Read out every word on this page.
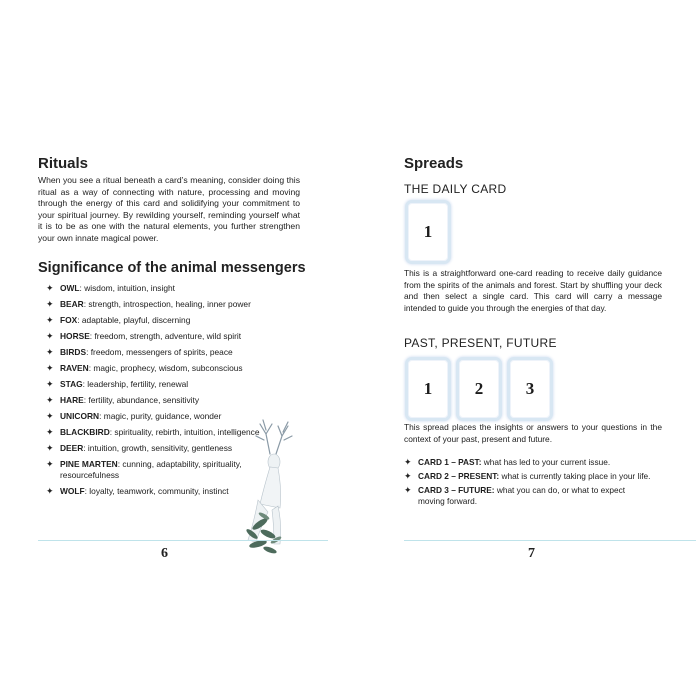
Rituals

When you see a ritual beneath a card’s meaning, consider doing this ritual as a way of connecting with nature, processing and moving through the energy of this card and solidifying your commitment to your spiritual journey. By rewilding yourself, reminding yourself what it is to be as one with the natural elements, you further strengthen your own innate magical power.

Significance of the animal messengers
✦ OWL: wisdom, intuition, insight
✦ BEAR: strength, introspection, healing, inner power
✦ FOX: adaptable, playful, discerning
✦ HORSE: freedom, strength, adventure, wild spirit
✦ BIRDS: freedom, messengers of spirits, peace
✦ RAVEN: magic, prophecy, wisdom, subconscious
✦ STAG: leadership, fertility, renewal
✦ HARE: fertility, abundance, sensitivity
✦ UNICORN: magic, purity, guidance, wonder
✦ BLACKBIRD: spirituality, rebirth, intuition, intelligence
✦ DEER: intuition, growth, sensitivity, gentleness
✦ PINE MARTEN: cunning, adaptability, spirituality, resourcefulness
✦ WOLF: loyalty, teamwork, community, instinct
6
Spreads
THE DAILY CARD
1

This is a straightforward one-card reading to receive daily guidance from the spirits of the animals and forest. Start by shuffling your deck and then select a single card. This card will carry a message intended to guide you through the energies of that day.

PAST, PRESENT, FUTURE
1	2	3

This spread places the insights or answers to your questions in the context of your past, present and future.

✦ CARD 1 – PAST: what has led to your current issue.
✦ CARD 2 – PRESENT: what is currently taking place in your life.
✦ CARD 3 – FUTURE: what you can do, or what to expect moving forward.
7
